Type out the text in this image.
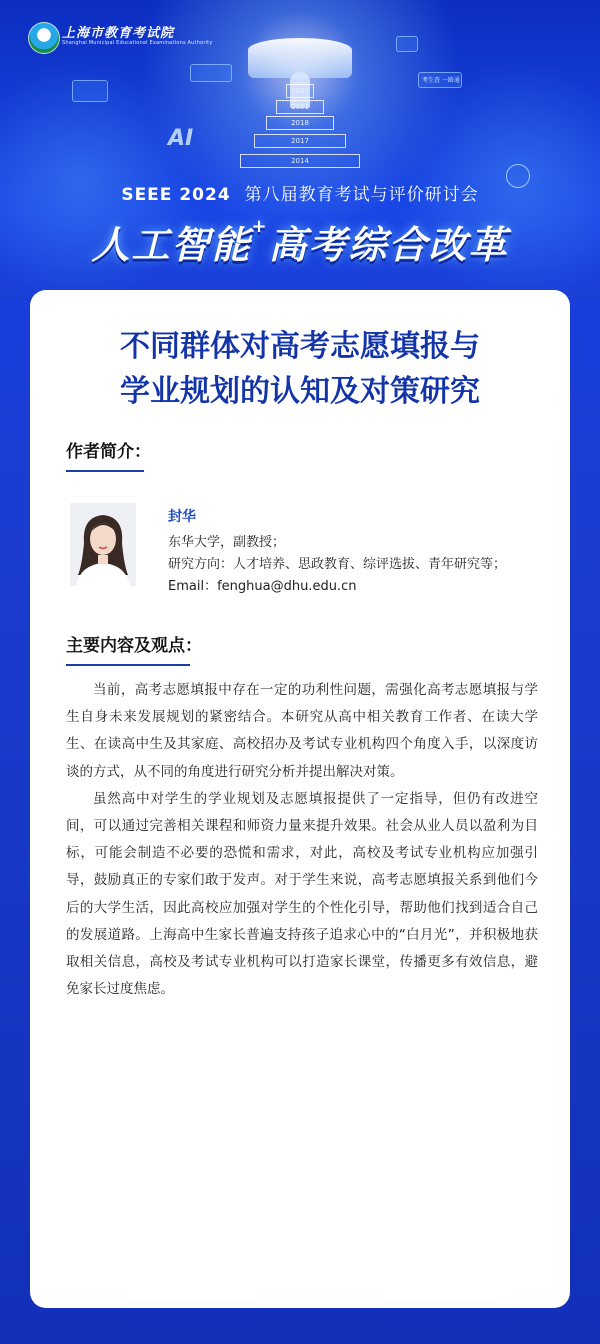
上海市教育考试院
Shanghai Municipal Educational Examinations Authority
2022
2021
2018
2017
2014
考生查 一路通
AI
SEEE 2024 第八届教育考试与评价研讨会
人工智能+高考综合改革
不同群体对高考志愿填报与
学业规划的认知及对策研究
作者简介：
封华
东华大学，副教授；
研究方向：人才培养、思政教育、综评选拔、青年研究等；
Email：fenghua@dhu.edu.cn
主要内容及观点：

当前，高考志愿填报中存在一定的功利性问题，需强化高考志愿填报与学生自身未来发展规划的紧密结合。本研究从高中相关教育工作者、在读大学生、在读高中生及其家庭、高校招办及考试专业机构四个角度入手，以深度访谈的方式，从不同的角度进行研究分析并提出解决对策。

虽然高中对学生的学业规划及志愿填报提供了一定指导，但仍有改进空间，可以通过完善相关课程和师资力量来提升效果。社会从业人员以盈利为目标，可能会制造不必要的恐慌和需求，对此，高校及考试专业机构应加强引导，鼓励真正的专家们敢于发声。对于学生来说，高考志愿填报关系到他们今后的大学生活，因此高校应加强对学生的个性化引导，帮助他们找到适合自己的发展道路。上海高中生家长普遍支持孩子追求心中的“白月光”，并积极地获取相关信息，高校及考试专业机构可以打造家长课堂，传播更多有效信息，避免家长过度焦虑。
